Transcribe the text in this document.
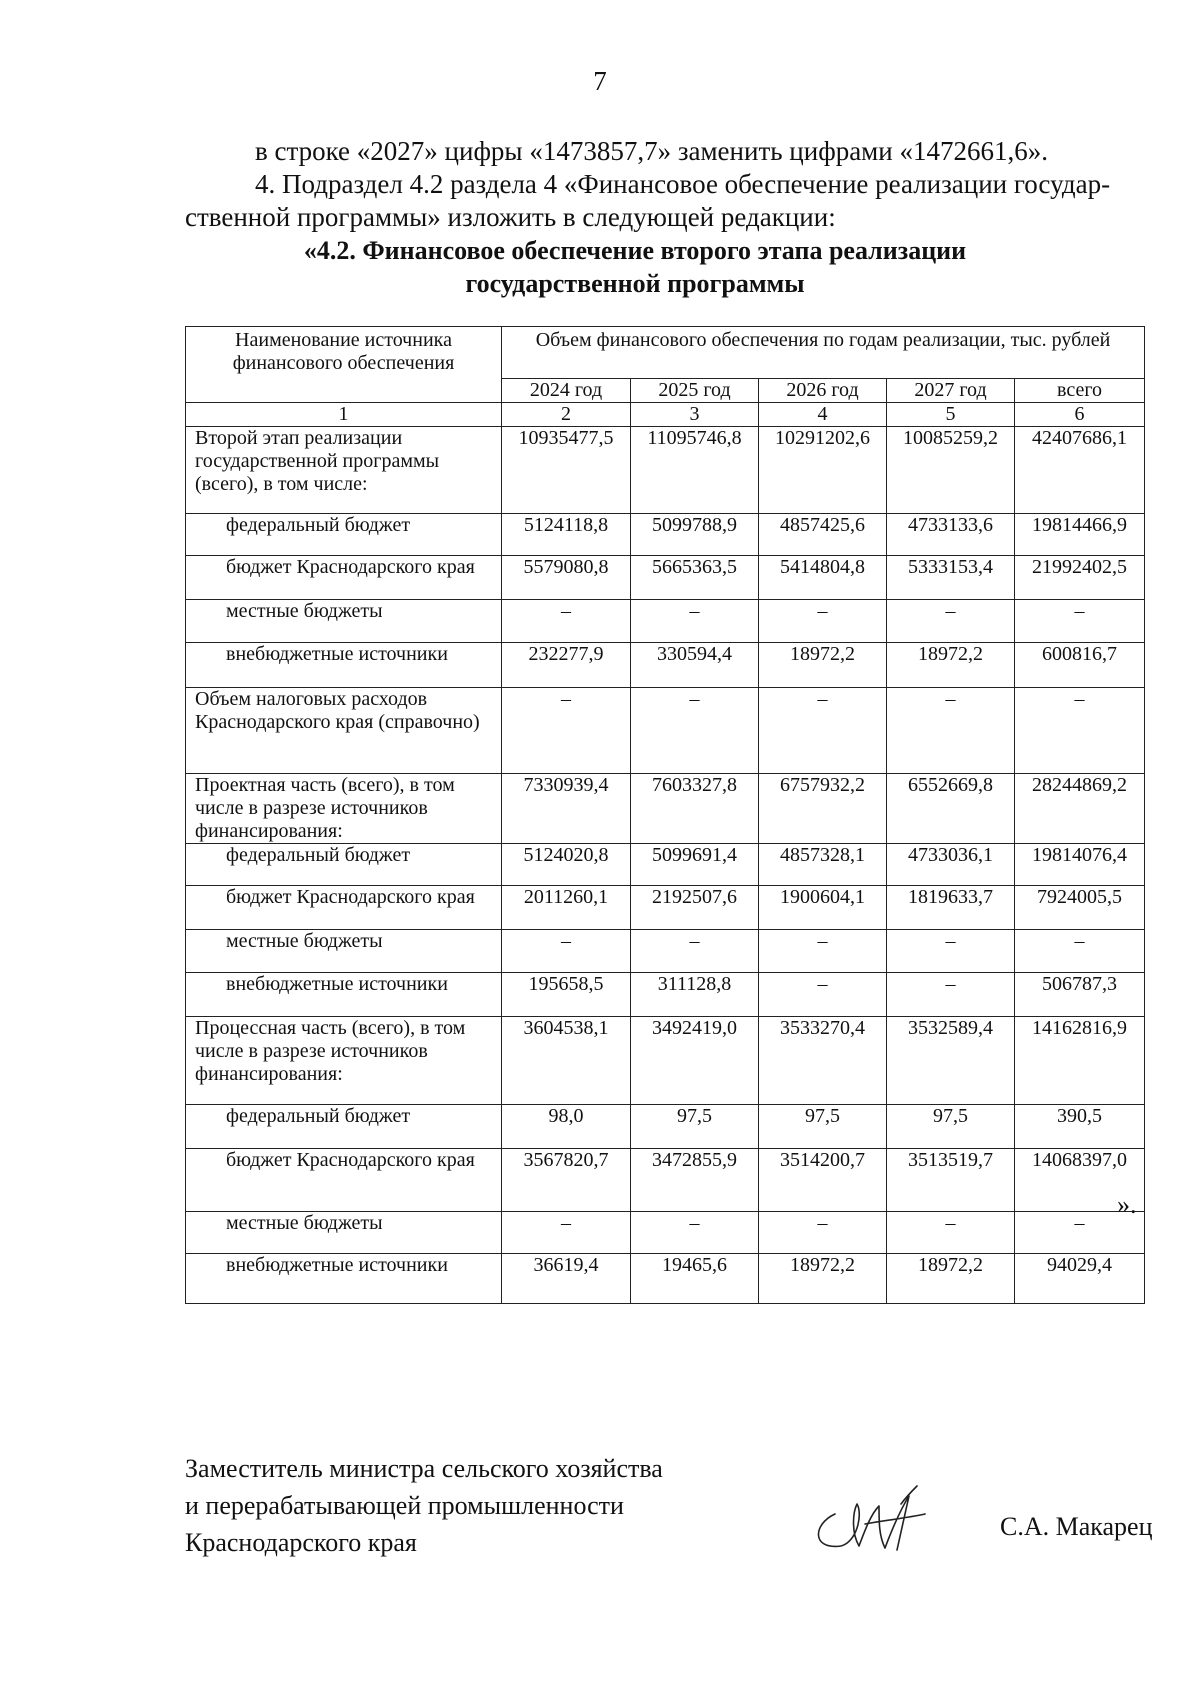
7
в строке «2027» цифры «1473857,7» заменить цифрами «1472661,6».
4. Подраздел 4.2 раздела 4 «Финансовое обеспечение реализации государ-
ственной программы» изложить в следующей редакции:
«4.2. Финансовое обеспечение второго этапа реализации
государственной программы
Наименование источника финансового обеспечения	Объем финансового обеспечения по годам реализации, тыс. рублей				
	2024 год	2025 год	2026 год	2027 год	всего
1	2	3	4	5	6
Второй этап реализации государственной программы (всего), в том числе:	10935477,5	11095746,8	10291202,6	10085259,2	42407686,1
федеральный бюджет	5124118,8	5099788,9	4857425,6	4733133,6	19814466,9
бюджет Краснодарского края	5579080,8	5665363,5	5414804,8	5333153,4	21992402,5
местные бюджеты	–	–	–	–	–
внебюджетные источники	232277,9	330594,4	18972,2	18972,2	600816,7
Объем налоговых расходов Краснодарского края (справочно)	–	–	–	–	–
Проектная часть (всего), в том числе в разрезе источников финансирования:	7330939,4	7603327,8	6757932,2	6552669,8	28244869,2
федеральный бюджет	5124020,8	5099691,4	4857328,1	4733036,1	19814076,4
бюджет Краснодарского края	2011260,1	2192507,6	1900604,1	1819633,7	7924005,5
местные бюджеты	–	–	–	–	–
внебюджетные источники	195658,5	311128,8	–	–	506787,3
Процессная часть (всего), в том числе в разрезе источников финансирования:	3604538,1	3492419,0	3533270,4	3532589,4	14162816,9
федеральный бюджет	98,0	97,5	97,5	97,5	390,5
бюджет Краснодарского края	3567820,7	3472855,9	3514200,7	3513519,7	14068397,0
местные бюджеты	–	–	–	–	–
внебюджетные источники	36619,4	19465,6	18972,2	18972,2	94029,4
».
Заместитель министра сельского хозяйства
и перерабатывающей промышленности
Краснодарского края
С.А. Макарец
